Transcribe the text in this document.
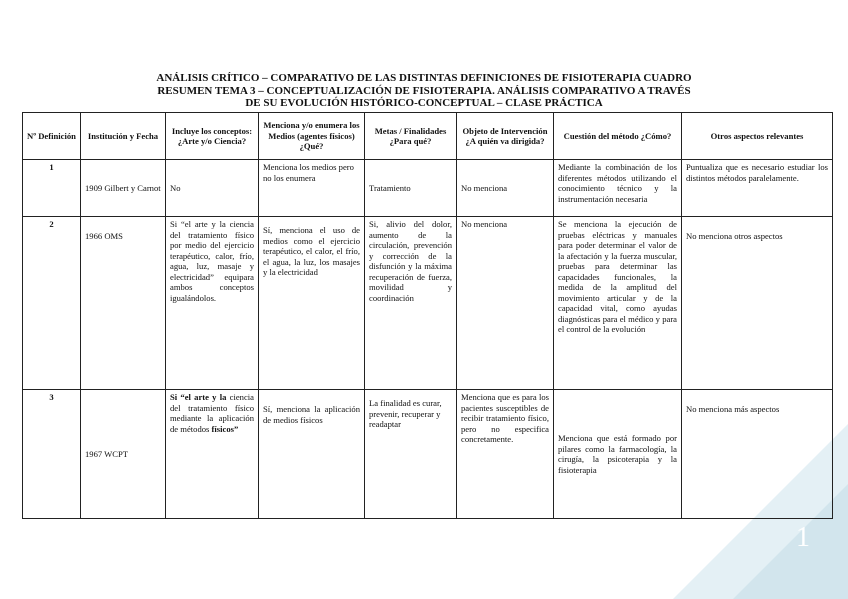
1
ANÁLISIS CRÍTICO – COMPARATIVO DE LAS DISTINTAS DEFINICIONES DE FISIOTERAPIA CUADRO
RESUMEN TEMA 3 – CONCEPTUALIZACIÓN DE FISIOTERAPIA. ANÁLISIS COMPARATIVO A TRAVÉS
DE SU EVOLUCIÓN HISTÓRICO-CONCEPTUAL – CLASE PRÁCTICA
Nº Definición	Institución y Fecha	Incluye los conceptos: ¿Arte y/o Ciencia?	Menciona y/o enumera los Medios (agentes físicos) ¿Qué?	Metas / Finalidades ¿Para qué?	Objeto de Intervención ¿A quién va dirigida?	Cuestión del método ¿Cómo?	Otros aspectos relevantes
1	1909 Gilbert y Carnot	No	Menciona los medios pero no los enumera	Tratamiento	No menciona	Mediante la combinación de los diferentes métodos utilizando el conocimiento técnico y la instrumentación necesaria	Puntualiza que es necesario estudiar los distintos métodos paralelamente.
2	1966 OMS	Si “el arte y la ciencia del tratamiento físico por medio del ejercicio terapéutico, calor, frío, agua, luz, masaje y electricidad” equipara ambos conceptos igualándolos.	Sí, menciona el uso de medios como el ejercicio terapéutico, el calor, el frío, el agua, la luz, los masajes y la electricidad	Si, alivio del dolor, aumento de la circulación, prevención y corrección de la disfunción y la máxima recuperación de fuerza, movilidad y coordinación	No menciona	Se menciona la ejecución de pruebas eléctricas y manuales para poder determinar el valor de la afectación y la fuerza muscular, pruebas para determinar las capacidades funcionales, la medida de la amplitud del movimiento articular y de la capacidad vital, como ayudas diagnósticas para el médico y para el control de la evolución	No menciona otros aspectos
3	1967 WCPT	Si “el arte y la ciencia del tratamiento físico mediante la aplicación de métodos físicos”	Sí, menciona la aplicación de medios físicos	La finalidad es curar, prevenir, recuperar y readaptar	Menciona que es para los pacientes susceptibles de recibir tratamiento físico, pero no especifica concretamente.	Menciona que está formado por pilares como la farmacología, la cirugía, la psicoterapia y la fisioterapia	No menciona más aspectos
